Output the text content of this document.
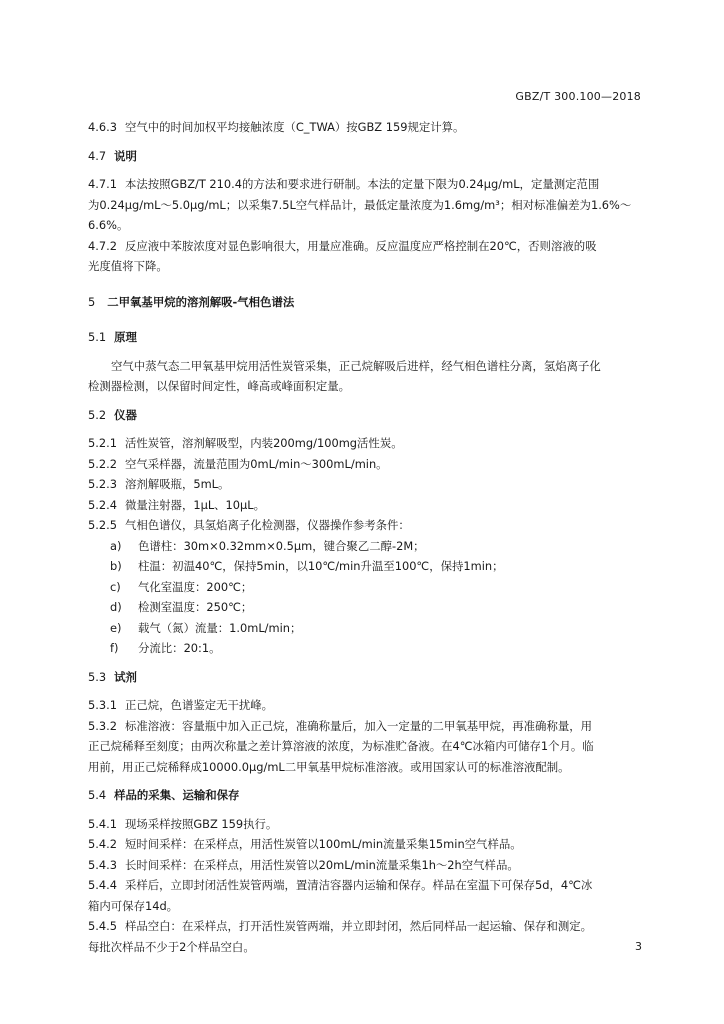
GBZ/T 300.100—2018
4.6.3 空气中的时间加权平均接触浓度（C_TWA）按GBZ 159规定计算。
4.7 说明
4.7.1 本法按照GBZ/T 210.4的方法和要求进行研制。本法的定量下限为0.24μg/mL，定量测定范围
为0.24μg/mL～5.0μg/mL；以采集7.5L空气样品计，最低定量浓度为1.6mg/m³；相对标准偏差为1.6%～
6.6%。
4.7.2 反应液中苯胺浓度对显色影响很大，用量应准确。反应温度应严格控制在20℃，否则溶液的吸
光度值将下降。
5 二甲氧基甲烷的溶剂解吸-气相色谱法
5.1 原理
空气中蒸气态二甲氧基甲烷用活性炭管采集，正己烷解吸后进样，经气相色谱柱分离，氢焰离子化
检测器检测，以保留时间定性，峰高或峰面积定量。
5.2 仪器
5.2.1 活性炭管，溶剂解吸型，内装200mg/100mg活性炭。
5.2.2 空气采样器，流量范围为0mL/min～300mL/min。
5.2.3 溶剂解吸瓶，5mL。
5.2.4 微量注射器，1μL、10μL。
5.2.5 气相色谱仪，具氢焰离子化检测器，仪器操作参考条件：
a) 色谱柱：30m×0.32mm×0.5μm，键合聚乙二醇-2M；
b) 柱温：初温40℃，保持5min，以10℃/min升温至100℃，保持1min；
c) 气化室温度：200℃；
d) 检测室温度：250℃；
e) 载气（氮）流量：1.0mL/min；
f) 分流比：20:1。
5.3 试剂
5.3.1 正己烷，色谱鉴定无干扰峰。
5.3.2 标准溶液：容量瓶中加入正己烷，准确称量后，加入一定量的二甲氧基甲烷，再准确称量，用
正己烷稀释至刻度；由两次称量之差计算溶液的浓度，为标准贮备液。在4℃冰箱内可储存1个月。临
用前，用正己烷稀释成10000.0μg/mL二甲氧基甲烷标准溶液。或用国家认可的标准溶液配制。
5.4 样品的采集、运输和保存
5.4.1 现场采样按照GBZ 159执行。
5.4.2 短时间采样：在采样点，用活性炭管以100mL/min流量采集15min空气样品。
5.4.3 长时间采样：在采样点，用活性炭管以20mL/min流量采集1h～2h空气样品。
5.4.4 采样后，立即封闭活性炭管两端，置清洁容器内运输和保存。样品在室温下可保存5d，4℃冰
箱内可保存14d。
5.4.5 样品空白：在采样点，打开活性炭管两端，并立即封闭，然后同样品一起运输、保存和测定。
每批次样品不少于2个样品空白。	3
